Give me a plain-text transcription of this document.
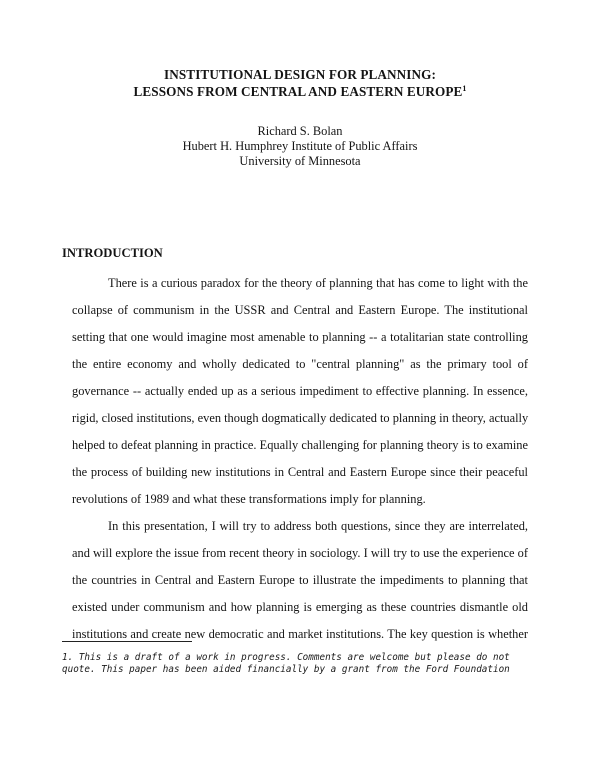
INSTITUTIONAL DESIGN FOR PLANNING:
LESSONS FROM CENTRAL AND EASTERN EUROPE$^1$
Richard S. Bolan
Hubert H. Humphrey Institute of Public Affairs
University of Minnesota
INTRODUCTION
There is a curious paradox for the theory of planning that has come to light with the
collapse of communism in the USSR and Central and Eastern Europe. The institutional
setting that one would imagine most amenable to planning -- a totalitarian state controlling
the entire economy and wholly dedicated to "central planning" as the primary tool of
governance -- actually ended up as a serious impediment to effective planning. In essence,
rigid, closed institutions, even though dogmatically dedicated to planning in theory, actually
helped to defeat planning in practice. Equally challenging for planning theory is to examine
the process of building new institutions in Central and Eastern Europe since their peaceful
revolutions of 1989 and what these transformations imply for planning.
In this presentation, I will try to address both questions, since they are interrelated,
and will explore the issue from recent theory in sociology. I will try to use the experience of
the countries in Central and Eastern Europe to illustrate the impediments to planning that
existed under communism and how planning is emerging as these countries dismantle old
institutions and create new democratic and market institutions. The key question is whether
1. This is a draft of a work in progress. Comments are welcome but please do not
quote. This paper has been aided financially by a grant from the Ford Foundation
